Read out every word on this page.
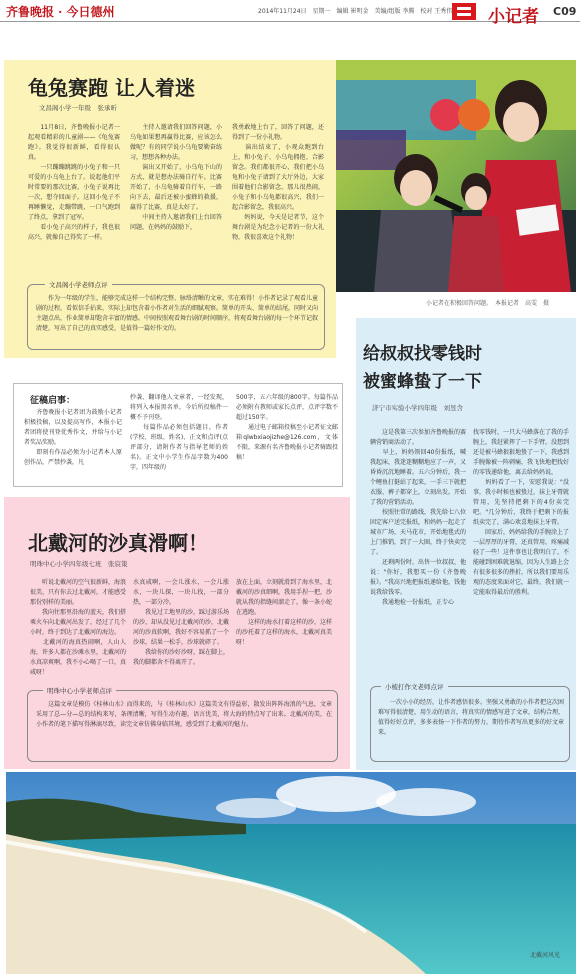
齐鲁晚报 · 今日德州	2014年11月24日　星期一　编辑 崔明金　美编/组版 李腾　校对 王秀伟 小记者 C09
龟兔赛跑 让人着迷
文昌阁小学一年级　张承昕
　　11月8日，齐鲁晚报小记者一起观看精彩的儿童剧——《龟兔赛跑》。我觉得很新鲜，看得很认真。
　　一只蹦蹦跳跳的小兔子和一只可爱的小乌龟上台了。说起他们平时常要的那次比赛，小兔子说再比一次，想夺回面子。这回小兔子不再睡懒觉，走蹦带跳，一口气跑到了终点，拿到了冠军。
　　看小兔子高兴的样子，我也很高兴，就像自己得奖了一样。
　　主持人邀请我们回答问题，小乌龟如果想再赢得比赛，应该怎么做呢？有的同学说小乌龟要勤奋练习，想想各种办法。
　　演出又开始了，小乌龟下山的方式，就是想办法骑自行车。比赛开始了，小乌龟骑着自行车，一路向下去，最后还被小蜜蜂的救援，赢得了比赛，真是太好了。
　　中间主持人邀请我们上台回答问题，在妈妈的鼓励下，
我勇敢地上台了，回答了问题，还得到了一份小礼物。
　　演出结束了，小观众跑到台上，和小兔子、小乌龟拥抱、合影留念。我们都很开心，我们把小乌龟和小兔子请到了大厅外边，大家围着他们合影留念，那儿很热闹，小兔子和小乌龟都很高兴，我们一起合影留念，我很高兴。
　　妈妈说，今天是记者节，这个舞台剧是为纪念小记者的一份大礼物，我很喜欢这个礼物！
小记者在积极回答问题。　本报记者　高雯　摄
文昌阁小学老师点评
　　作为一年级的学生，能够完成这样一个结构完整、脉络清晰的文章，实在难得！小作者记录了观看儿童剧的过程，看似信手拈来，实际上却包含着小作者对生活的细腻观察。简单的开头、简单的结尾，同时又向主题点出，作业简单却饱含丰富的情感。中间按照观看舞台剧的时间顺序，将观看舞台剧的每一个环节记叙清楚，写出了自己的真实感受，是值得一篇好作文的。
征稿启事：
　　齐鲁晚报小记者团为鼓励小记者积极投稿，以及提高写作，本报小记者团将使刊登优秀作文，并给与小记者奖品奖励。
　　即刻有作品必须为小记者本人原创作品，严禁抄袭，凡
抄袭、翻译他人文章者，一经发现，将列入本报黑名单，今后所投稿件一概不予刊登。
　　每篇作品必须包括题目，作者(学校、班级、姓名)、正文和点评(点评部分，请附作者与指导老师的姓名)。正文中小学生作品字数为400字，四年级的
500字，五六年级的800字。每篇作品必须附有教师或家长点评，点评字数不超过150字。
　　通过电子邮箱投稿至小记者征文邮箱qlwbxiaojizhe@126.com，文体不限，来源有名齐鲁晚报小记者骑跟投稿！
给叔叔找零钱时
被蜜蜂蛰了一下
济宁市实验小学四年级　刘昱含
　　这是我第三次参加齐鲁晚报的赛辆营销商活动了。
　　早上，妈妈领回40份报纸，喊我起床，我迷迷糊糊地应了一声，又昏昏沉沉地睡着。五六分钟后，我一个鲤鱼打挺站了起来，一手三下就把衣服、裤子都穿上，立刻出发。开始了我的营销活动。
　　按照往常的路线，我先给七八位固定客户送完报纸，和妈妈一起走了城市广场，天马花市，开始地毯式的上门推销，到了一大圈，终于快卖完了。
　　还剩两份时，出售一位叔叔，他说："你好，我想买一份《齐鲁晚报》。"我高兴地把报纸递给他，钱他说我给钱零。
　　我通地检一份报纸，正专心
找零钱时，一只大马蜂落在了我的手腕上，我赶紧挥了一下手臂，没想到还是被马蜂狠狠地蛰了一下，我感到手腕像被一阵刺痛，我飞快地把找好的零钱递给他，离去给妈妈说，
　　妈妈看了一下，安慰我说："没事，我小时候也被蛰过，抹上牙膏就管用，先坚持把剩下的4份卖完吧。"几分钟后，我终于把剩下的报纸卖完了，满心欢喜地抹上牙膏。
　　回家后，妈妈给我的手腕涂上了一层厚厚的牙膏，还真管用，疼痛减轻了一些！这件事也让我明白了，不能碰到困难就退缩，因为人生路上会有很多很多的挫折，所以我们要用乐观的态度来面对它，最终，我们就一定能取得最后的胜利。
小梳打作文老师点评
　　一次小小的经历，让作者感悟很多。坚强又勇敢的小作者把这次困难写得很清楚，用生动的语言，将真实的情感写进了文章，结构合理，值得好好点评，多多表扬一下作者的努力，期待作者写出更多的好文章来。
北戴河的沙真滑啊！
明珠中心小学四年级七班　张宸策
　　听说北戴河的空气很新鲜，海浪很美，只有你去过北戴河，才能感受那份别样的美丽。
　　我向往那里沿海的蓝天，我们搭乘火车向北戴河出发了，经过了几个小时，终于到达了北戴河的海边。
　　北戴河的海真热闹啊，人山人海，许多人都在沙滩水里，北戴河的水真凉爽啊，我不小心喝了一口，真咸呀！
水真咸啊，一会儿涨水，一会儿涨水，一块儿探，一块儿找，一部分热，一部分冷。
　　我见过工地里的沙，踩过游乐场的沙，却从没见过北戴河的沙，北戴河的沙真软啊，我好不容易抓了一个沙球，结果一松手，沙球就碎了。
　　我给你的沙好沙呀，踩在脚上，我的脚都舍不得离开了。
放在上面，立刻就滑到了海水里，北戴河的沙真细啊，我用手捏一把，沙就从我的指缝间溜走了，像一条小蛇在逃跑。
　　这样的海水打着这样的沙，这样的沙托着了这样的海水，北戴河真美呀！
明珠中心小学老师点评
　　这篇文章是模仿《桂林山水》而得来的，与《桂林山水》这篇美文有得益彰，散发出阵阵海浪的气息，文章采用了总—分—总的结构来写，条理清晰，写得生动有趣，语言优美，将大海的特点写了出来。北戴河的美，在小作者的笔下描写得淋漓尽致，读完文章仿佛身临其境，感受到了北戴河的魅力。
北戴河风光
